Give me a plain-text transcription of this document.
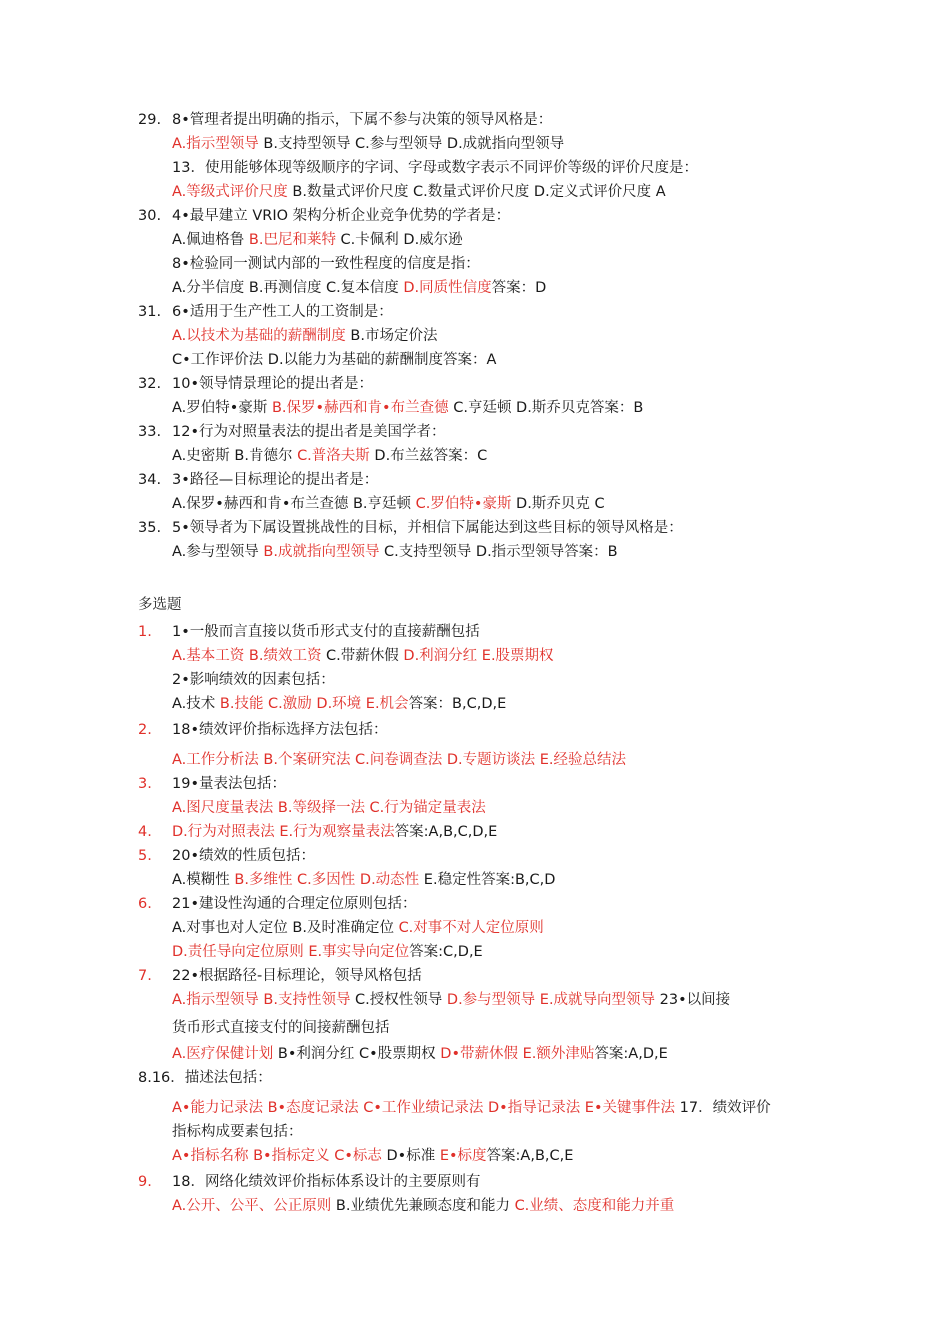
多选题
29. 8•管理者提出明确的指示，下属不参与决策的领导风格是：
A.指示型领导 B.支持型领导 C.参与型领导 D.成就指向型领导
13．使用能够体现等级顺序的字词、字母或数字表示不同评价等级的评价尺度是：
A.等级式评价尺度 B.数量式评价尺度 C.数量式评价尺度 D.定义式评价尺度 A
30. 4•最早建立 VRIO 架构分析企业竞争优势的学者是：
A.佩迪格鲁 B.巴尼和莱特 C.卡佩利 D.威尔逊
8•检验同一测试内部的一致性程度的信度是指：
A.分半信度 B.再测信度 C.复本信度 D.同质性信度答案：D
31. 6•适用于生产性工人的工资制是：
A.以技术为基础的薪酬制度 B.市场定价法
C•工作评价法 D.以能力为基础的薪酬制度答案：A
32. 10•领导情景理论的提出者是：
A.罗伯特•豪斯 B.保罗•赫西和肯•布兰查德 C.亨廷顿 D.斯乔贝克答案：B
33. 12•行为对照量表法的提出者是美国学者：
A.史密斯 B.肯德尔 C.普洛夫斯 D.布兰兹答案：C
34. 3•路径—目标理论的提出者是：
A.保罗•赫西和肯•布兰查德 B.亨廷顿 C.罗伯特•豪斯 D.斯乔贝克 C
35. 5•领导者为下属设置挑战性的目标，并相信下属能达到这些目标的领导风格是：
A.参与型领导 B.成就指向型领导 C.支持型领导 D.指示型领导答案：B
1. 1•一般而言直接以货币形式支付的直接薪酬包括
A.基本工资 B.绩效工资 C.带薪休假 D.利润分红 E.股票期权
2•影响绩效的因素包括：
A.技术 B.技能 C.激励 D.环境 E.机会答案：B,C,D,E
2. 18•绩效评价指标选择方法包括：
A.工作分析法 B.个案研究法 C.问卷调查法 D.专题访谈法 E.经验总结法
3. 19•量表法包括：
A.图尺度量表法 B.等级择一法 C.行为锚定量表法
4. D.行为对照表法 E.行为观察量表法答案:A,B,C,D,E
5. 20•绩效的性质包括：
A.模糊性 B.多维性 C.多因性 D.动态性 E.稳定性答案:B,C,D
6. 21•建设性沟通的合理定位原则包括：
A.对事也对人定位 B.及时准确定位 C.对事不对人定位原则
D.责任导向定位原则 E.事实导向定位答案:C,D,E
7. 22•根据路径-目标理论，领导风格包括
A.指示型领导 B.支持性领导 C.授权性领导 D.参与型领导 E.成就导向型领导 23•以间接
货币形式直接支付的间接薪酬包括
A.医疗保健计划 B•利润分红 C•股票期权 D•带薪休假 E.额外津贴答案:A,D,E
8.16．描述法包括：
A•能力记录法 B•态度记录法 C•工作业绩记录法 D•指导记录法 E•关键事件法 17．绩效评价
指标构成要素包括：
A•指标名称 B•指标定义 C•标志 D•标准 E•标度答案:A,B,C,E
9. 18．网络化绩效评价指标体系设计的主要原则有
A.公开、公平、公正原则 B.业绩优先兼顾态度和能力 C.业绩、态度和能力并重
